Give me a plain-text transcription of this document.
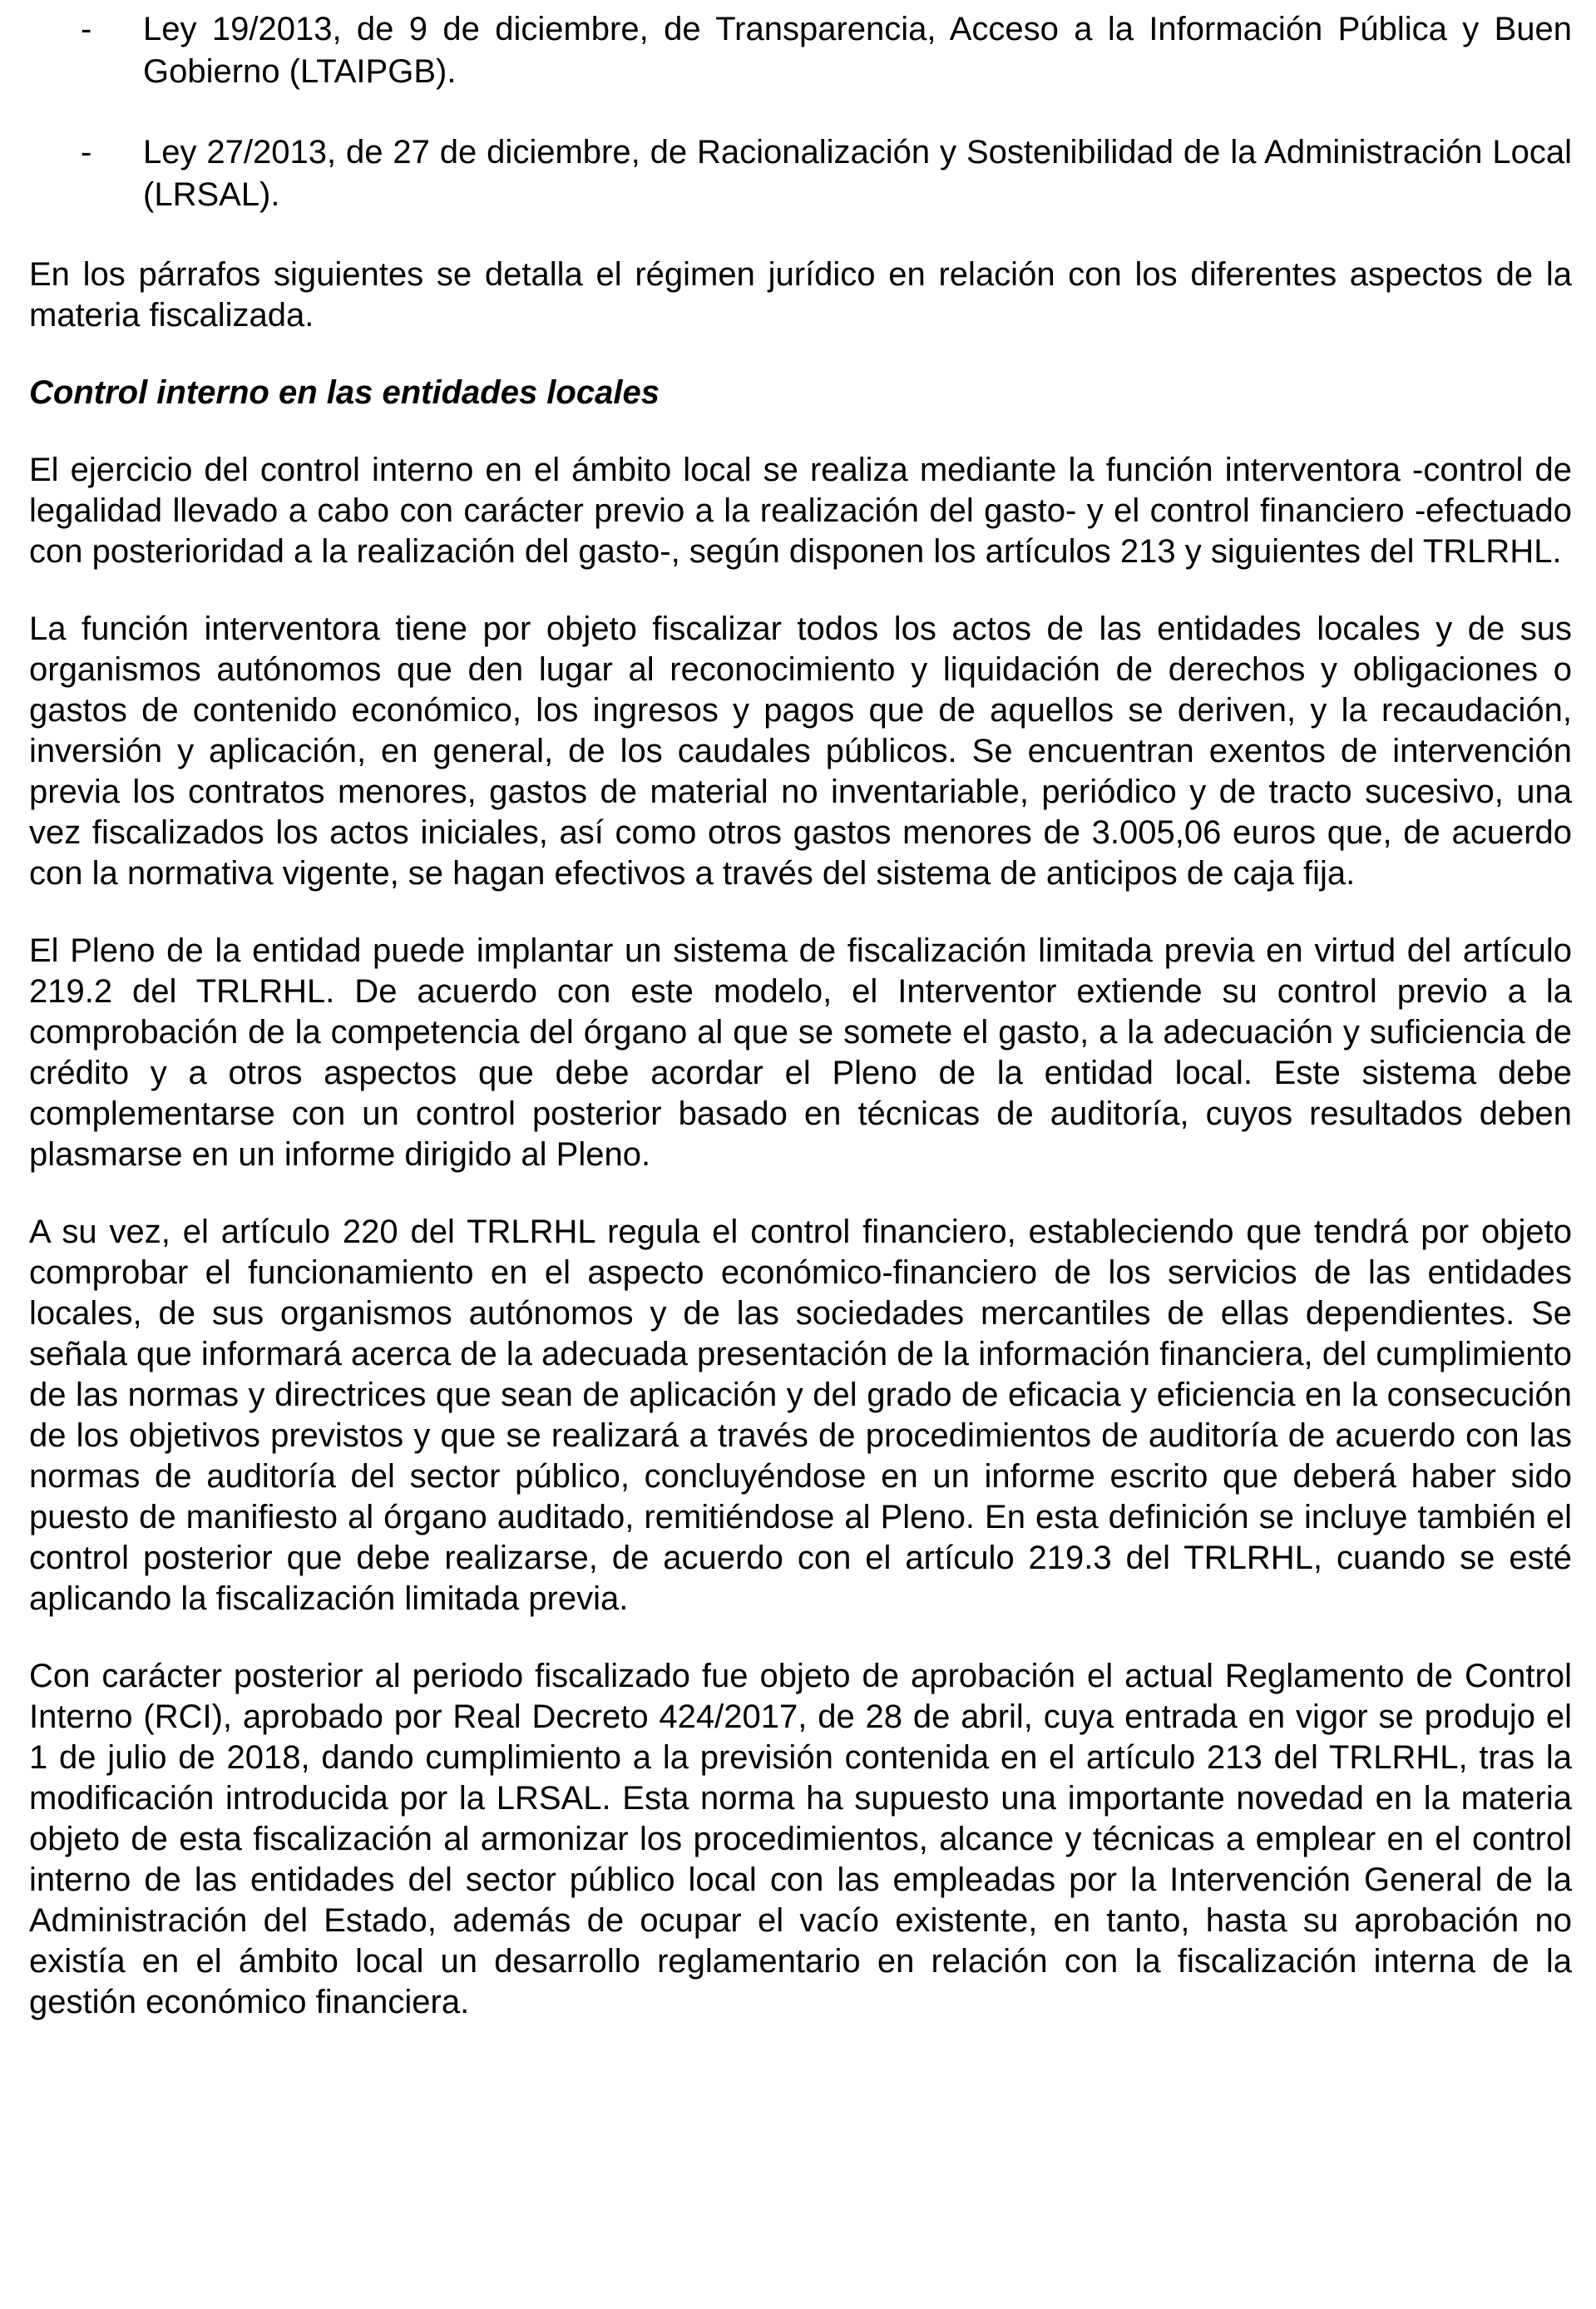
- Ley 19/2013, de 9 de diciembre, de Transparencia, Acceso a la Información Pública y Buen Gobierno (LTAIPGB).
- Ley 27/2013, de 27 de diciembre, de Racionalización y Sostenibilidad de la Administración Local (LRSAL).

En los párrafos siguientes se detalla el régimen jurídico en relación con los diferentes aspectos de la materia fiscalizada.

Control interno en las entidades locales

El ejercicio del control interno en el ámbito local se realiza mediante la función interventora -control de legalidad llevado a cabo con carácter previo a la realización del gasto- y el control financiero -efectuado con posterioridad a la realización del gasto-, según disponen los artículos 213 y siguientes del TRLRHL.

La función interventora tiene por objeto fiscalizar todos los actos de las entidades locales y de sus organismos autónomos que den lugar al reconocimiento y liquidación de derechos y obligaciones o gastos de contenido económico, los ingresos y pagos que de aquellos se deriven, y la recaudación, inversión y aplicación, en general, de los caudales públicos. Se encuentran exentos de intervención previa los contratos menores, gastos de material no inventariable, periódico y de tracto sucesivo, una vez fiscalizados los actos iniciales, así como otros gastos menores de 3.005,06 euros que, de acuerdo con la normativa vigente, se hagan efectivos a través del sistema de anticipos de caja fija.

El Pleno de la entidad puede implantar un sistema de fiscalización limitada previa en virtud del artículo 219.2 del TRLRHL. De acuerdo con este modelo, el Interventor extiende su control previo a la comprobación de la competencia del órgano al que se somete el gasto, a la adecuación y suficiencia de crédito y a otros aspectos que debe acordar el Pleno de la entidad local. Este sistema debe complementarse con un control posterior basado en técnicas de auditoría, cuyos resultados deben plasmarse en un informe dirigido al Pleno.

A su vez, el artículo 220 del TRLRHL regula el control financiero, estableciendo que tendrá por objeto comprobar el funcionamiento en el aspecto económico-financiero de los servicios de las entidades locales, de sus organismos autónomos y de las sociedades mercantiles de ellas dependientes. Se señala que informará acerca de la adecuada presentación de la información financiera, del cumplimiento de las normas y directrices que sean de aplicación y del grado de eficacia y eficiencia en la consecución de los objetivos previstos y que se realizará a través de procedimientos de auditoría de acuerdo con las normas de auditoría del sector público, concluyéndose en un informe escrito que deberá haber sido puesto de manifiesto al órgano auditado, remitiéndose al Pleno. En esta definición se incluye también el control posterior que debe realizarse, de acuerdo con el artículo 219.3 del TRLRHL, cuando se esté aplicando la fiscalización limitada previa.

Con carácter posterior al periodo fiscalizado fue objeto de aprobación el actual Reglamento de Control Interno (RCI), aprobado por Real Decreto 424/2017, de 28 de abril, cuya entrada en vigor se produjo el 1 de julio de 2018, dando cumplimiento a la previsión contenida en el artículo 213 del TRLRHL, tras la modificación introducida por la LRSAL. Esta norma ha supuesto una importante novedad en la materia objeto de esta fiscalización al armonizar los procedimientos, alcance y técnicas a emplear en el control interno de las entidades del sector público local con las empleadas por la Intervención General de la Administración del Estado, además de ocupar el vacío existente, en tanto, hasta su aprobación no existía en el ámbito local un desarrollo reglamentario en relación con la fiscalización interna de la gestión económico financiera.
